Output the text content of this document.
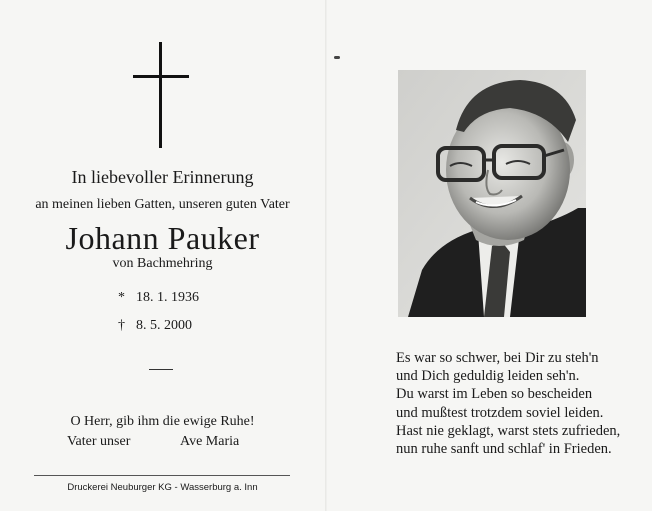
In liebevoller Erinnerung
an meinen lieben Gatten, unseren guten Vater
Johann Pauker
von Bachmehring
* 18. 1. 1936
† 8. 5. 2000
O Herr, gib ihm die ewige Ruhe!
Vater unser	Ave Maria
Druckerei Neuburger KG - Wasserburg a. Inn
Es war so schwer, bei Dir zu steh'n
und Dich geduldig leiden seh'n.
Du warst im Leben so bescheiden
und mußtest trotzdem soviel leiden.
Hast nie geklagt, warst stets zufrieden,
nun ruhe sanft und schlaf' in Frieden.
